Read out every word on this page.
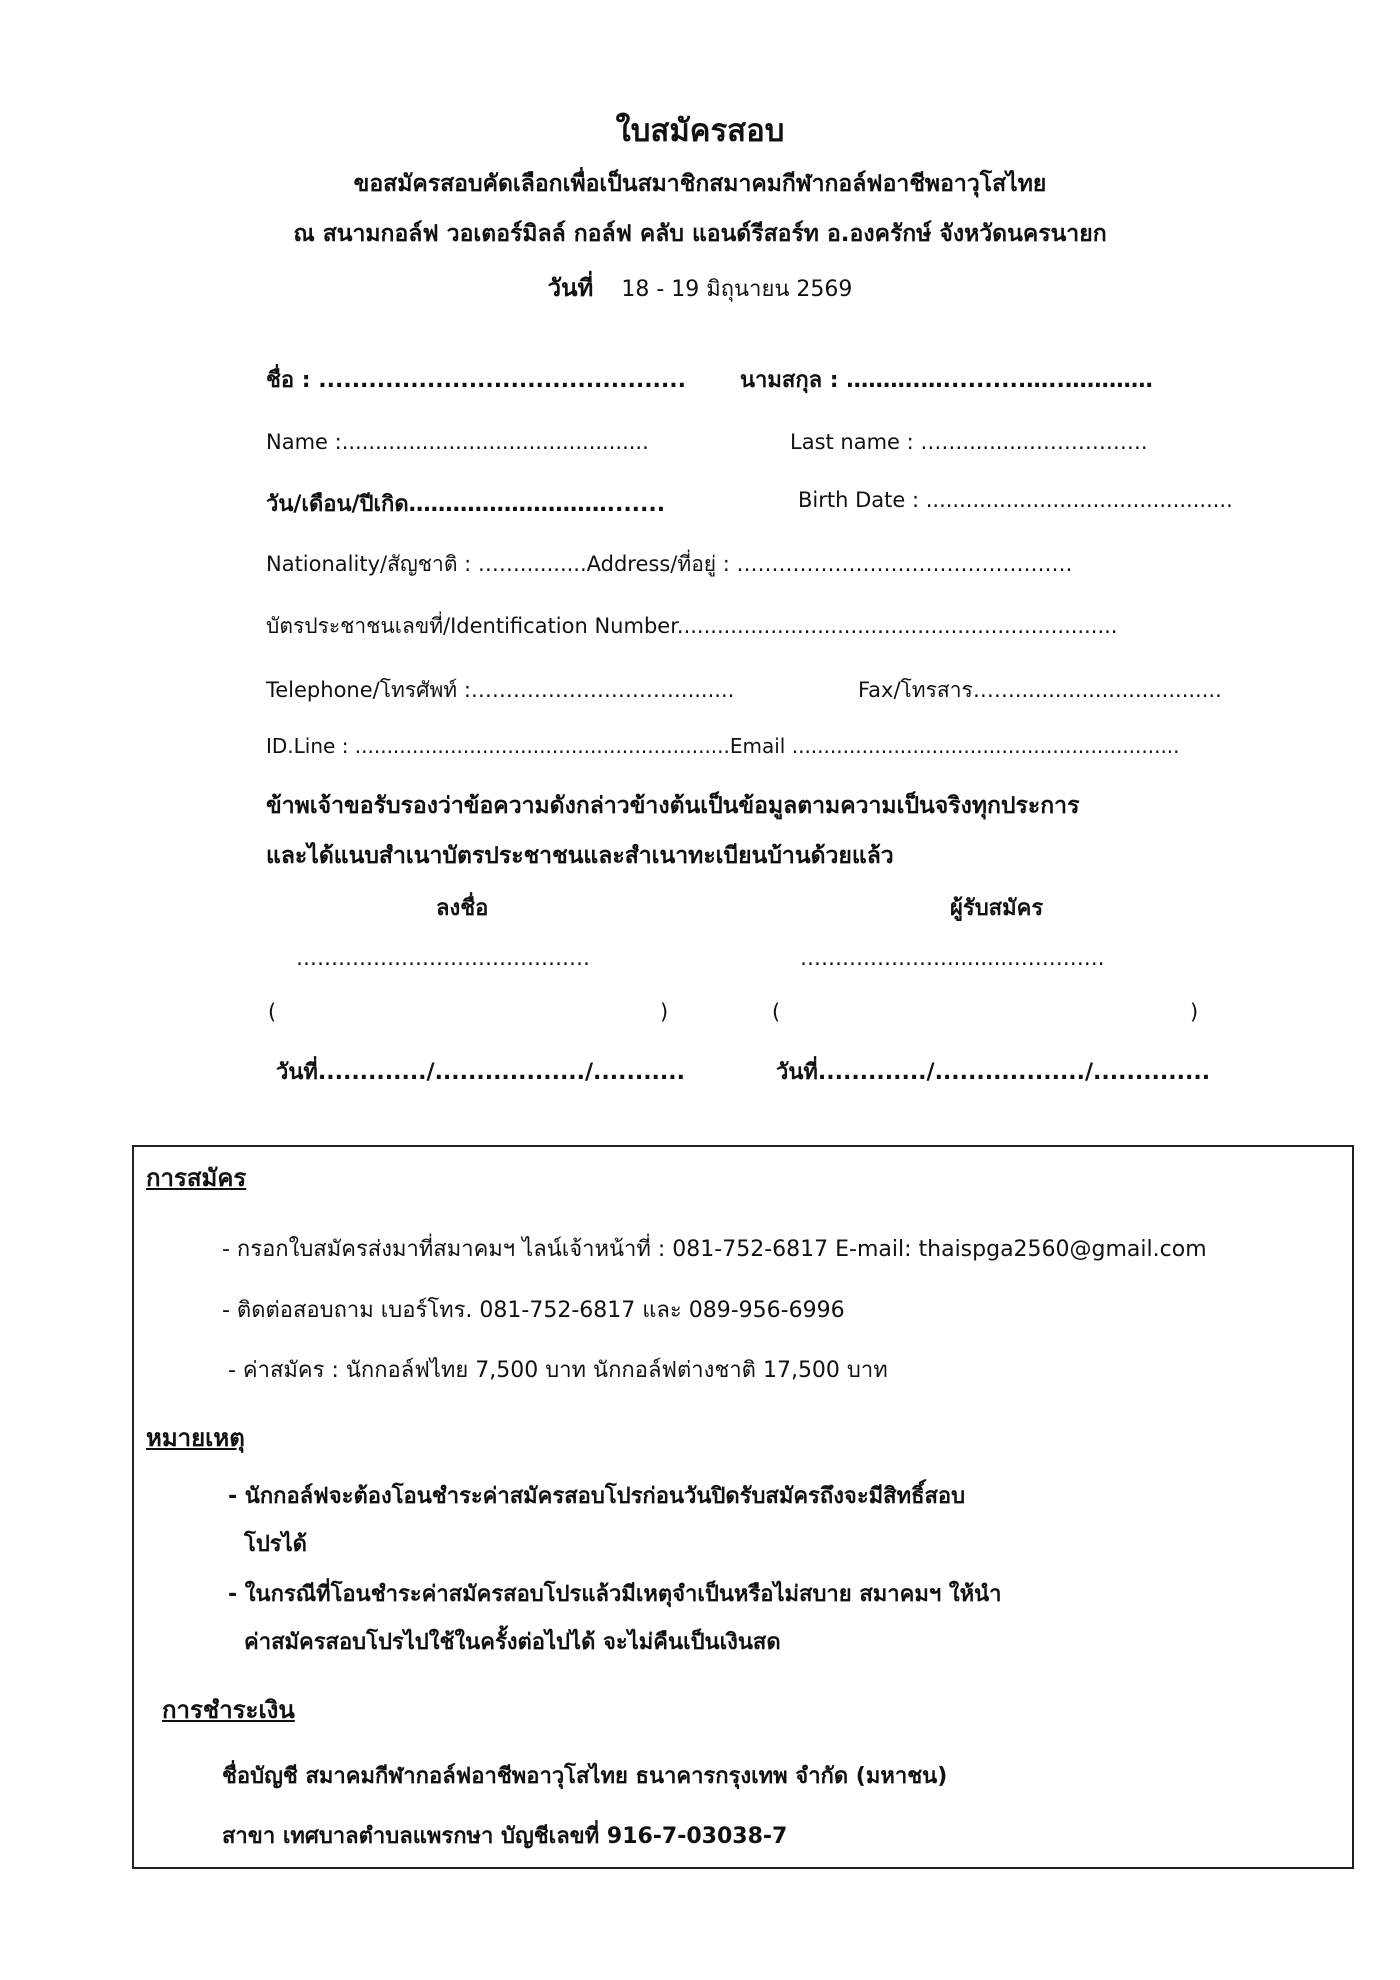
ใบสมัครสอบ
ขอสมัครสอบคัดเลือกเพื่อเป็นสมาชิกสมาคมกีฬากอล์ฟอาชีพอาวุโสไทย
ณ สนามกอล์ฟ วอเตอร์มิลล์ กอล์ฟ คลับ แอนด์รีสอร์ท อ.องครักษ์ จังหวัดนครนายก
วันที่ 18 - 19 มิถุนายน 2569
ชื่อ : ............................................ นามสกุล : ……….…..........…..…………
Name :..............................................	Last name : ……...........…………….
วัน/เดือน/ปีเกิด……………………….......	Birth Date : ..............................................
Nationality/สัญชาติ : ……..........Address/ที่อยู่ : …………………………………………
บัตรประชาชนเลขที่/Identification Number..................................................................
Telephone/โทรศัพท์ :…………………………........	Fax/โทรสาร……...............................
ID.Line : ...........................................................Email .............................................................
ข้าพเจ้าขอรับรองว่าข้อความดังกล่าวข้างต้นเป็นข้อมูลตามความเป็นจริงทุกประการ
และได้แนบสำเนาบัตรประชาชนและสำเนาทะเบียนบ้านด้วยแล้ว
ลงชื่อ	ผู้รับสมัคร
……………………………………	…………………..........………….
(	)	(	)
วันที่............./................../...........	วันที่............./................../..............
การสมัคร
- กรอกใบสมัครส่งมาที่สมาคมฯ ไลน์เจ้าหน้าที่ : 081-752-6817 E-mail: thaispga2560@gmail.com
- ติดต่อสอบถาม เบอร์โทร. 081-752-6817 และ 089-956-6996
- ค่าสมัคร : นักกอล์ฟไทย 7,500 บาท นักกอล์ฟต่างชาติ 17,500 บาท
หมายเหตุ
- นักกอล์ฟจะต้องโอนชำระค่าสมัครสอบโปรก่อนวันปิดรับสมัครถึงจะมีสิทธิ์สอบ
โปรได้
- ในกรณีที่โอนชำระค่าสมัครสอบโปรแล้วมีเหตุจำเป็นหรือไม่สบาย สมาคมฯ ให้นำ
ค่าสมัครสอบโปรไปใช้ในครั้งต่อไปได้ จะไม่คืนเป็นเงินสด
การชำระเงิน
ชื่อบัญชี สมาคมกีฬากอล์ฟอาชีพอาวุโสไทย ธนาคารกรุงเทพ จำกัด (มหาชน)
สาขา เทศบาลตำบลแพรกษา บัญชีเลขที่ 916-7-03038-7
